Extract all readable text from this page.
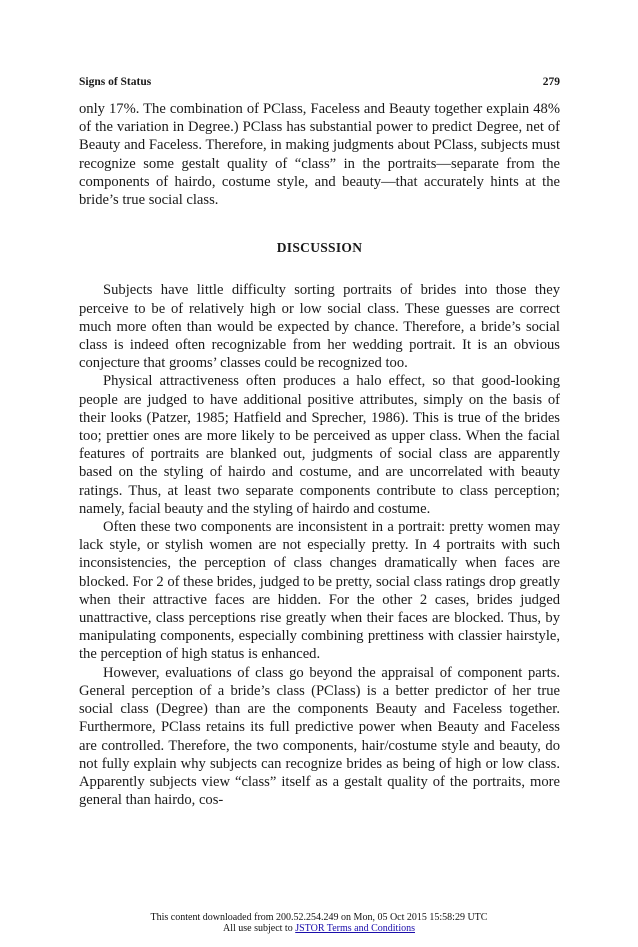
Signs of Status	279

only 17%. The combination of PClass, Faceless and Beauty together explain 48% of the variation in Degree.) PClass has substantial power to predict Degree, net of Beauty and Faceless. Therefore, in making judgments about PClass, subjects must recognize some gestalt quality of “class” in the portraits—separate from the components of hairdo, costume style, and beauty—that accurately hints at the bride’s true social class.

DISCUSSION

Subjects have little difficulty sorting portraits of brides into those they perceive to be of relatively high or low social class. These guesses are correct much more often than would be expected by chance. Therefore, a bride’s social class is indeed often recognizable from her wedding portrait. It is an obvious conjecture that grooms’ classes could be recognized too.

Physical attractiveness often produces a halo effect, so that good-looking people are judged to have additional positive attributes, simply on the basis of their looks (Patzer, 1985; Hatfield and Sprecher, 1986). This is true of the brides too; prettier ones are more likely to be perceived as upper class. When the facial features of portraits are blanked out, judgments of social class are apparently based on the styling of hairdo and costume, and are uncorrelated with beauty ratings. Thus, at least two separate components contribute to class perception; namely, facial beauty and the styling of hairdo and costume.

Often these two components are inconsistent in a portrait: pretty women may lack style, or stylish women are not especially pretty. In 4 portraits with such inconsistencies, the perception of class changes dramatically when faces are blocked. For 2 of these brides, judged to be pretty, social class ratings drop greatly when their attractive faces are hidden. For the other 2 cases, brides judged unattractive, class perceptions rise greatly when their faces are blocked. Thus, by manipulating components, especially combining prettiness with classier hairstyle, the perception of high status is enhanced.

However, evaluations of class go beyond the appraisal of component parts. General perception of a bride’s class (PClass) is a better predictor of her true social class (Degree) than are the components Beauty and Faceless together. Furthermore, PClass retains its full predictive power when Beauty and Faceless are controlled. Therefore, the two components, hair/costume style and beauty, do not fully explain why subjects can recognize brides as being of high or low class. Apparently subjects view “class” itself as a gestalt quality of the portraits, more general than hairdo, cos-

This content downloaded from 200.52.254.249 on Mon, 05 Oct 2015 15:58:29 UTC
All use subject to JSTOR Terms and Conditions
